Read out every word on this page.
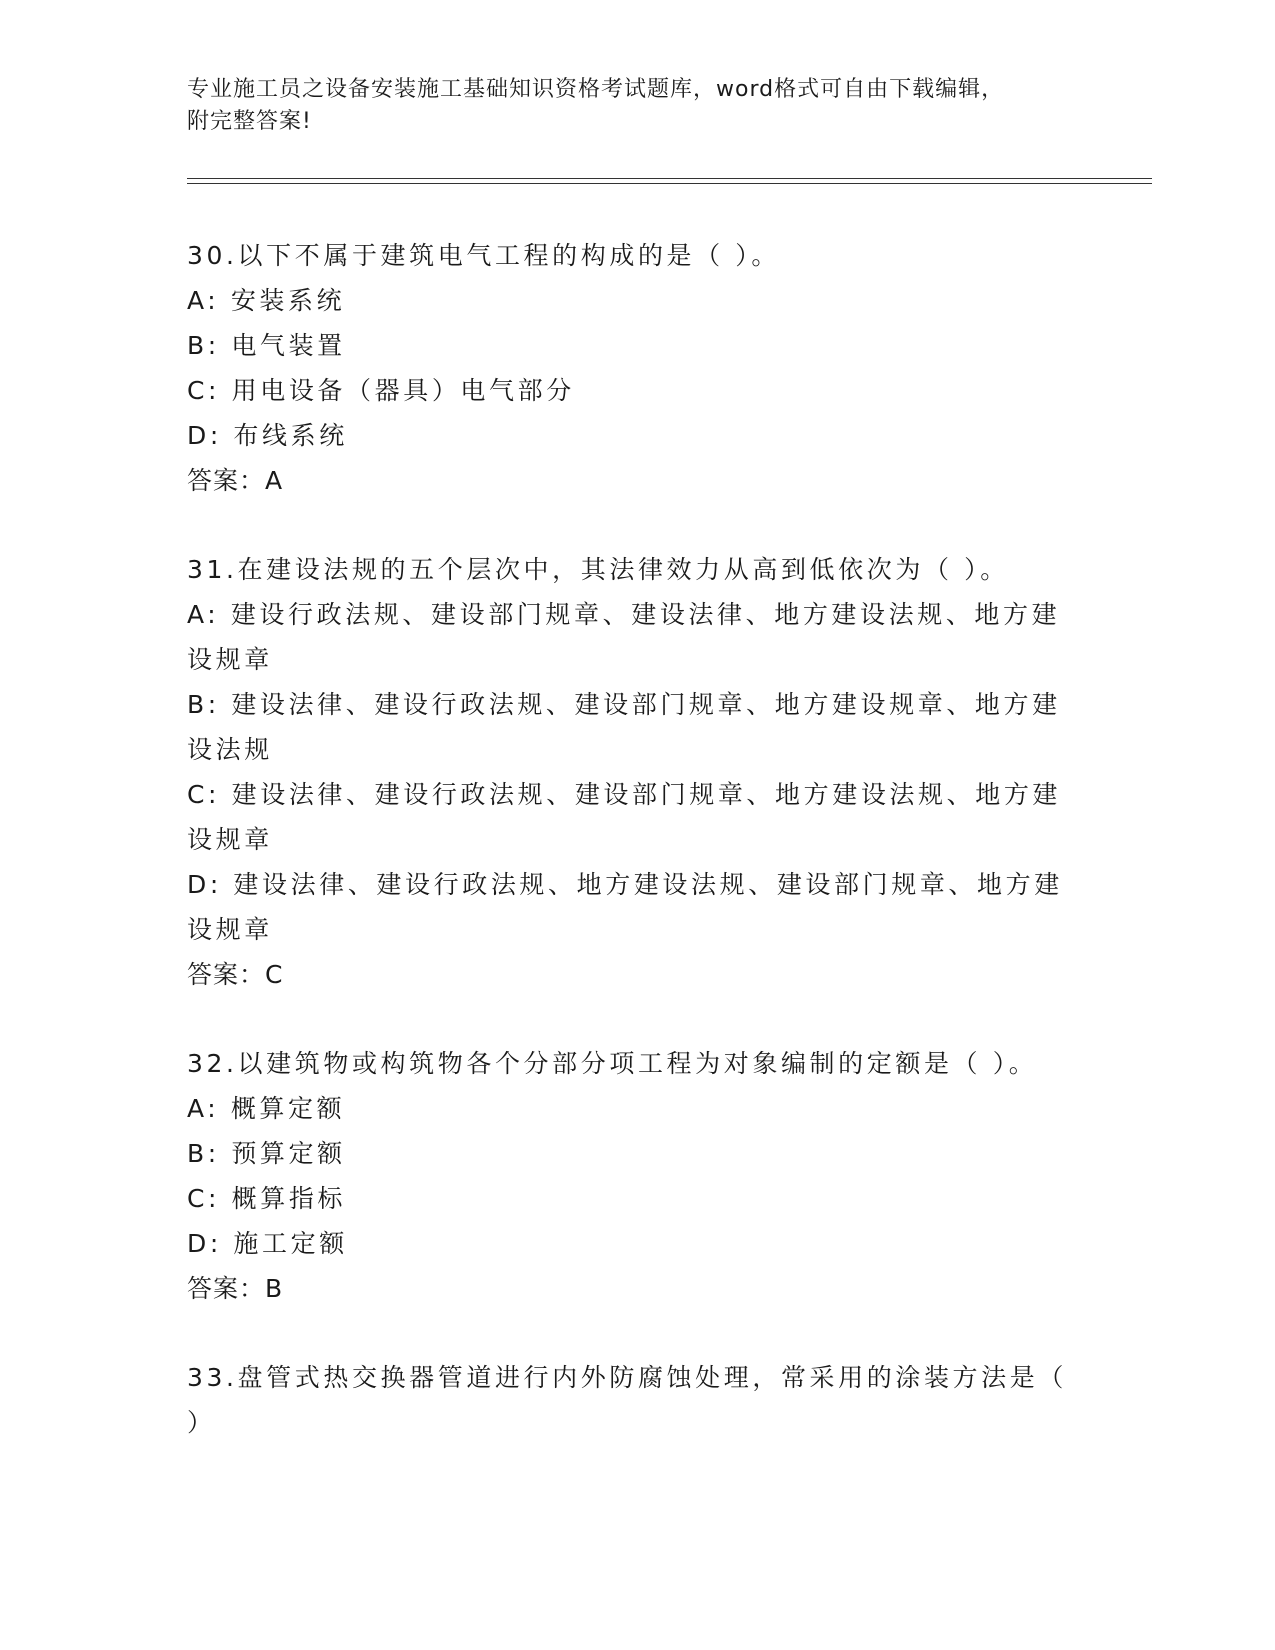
专业施工员之设备安装施工基础知识资格考试题库，word格式可自由下载编辑，
附完整答案!
30.以下不属于建筑电气工程的构成的是（ ）。
A: 安装系统
B: 电气装置
C: 用电设备（器具）电气部分
D: 布线系统
答案：A
31.在建设法规的五个层次中，其法律效力从高到低依次为（ ）。
A: 建设行政法规、建设部门规章、建设法律、地方建设法规、地方建设规章
B: 建设法律、建设行政法规、建设部门规章、地方建设规章、地方建设法规
C: 建设法律、建设行政法规、建设部门规章、地方建设法规、地方建设规章
D: 建设法律、建设行政法规、地方建设法规、建设部门规章、地方建设规章
答案：C
32.以建筑物或构筑物各个分部分项工程为对象编制的定额是（ ）。
A: 概算定额
B: 预算定额
C: 概算指标
D: 施工定额
答案：B
33.盘管式热交换器管道进行内外防腐蚀处理，常采用的涂装方法是（ ）
